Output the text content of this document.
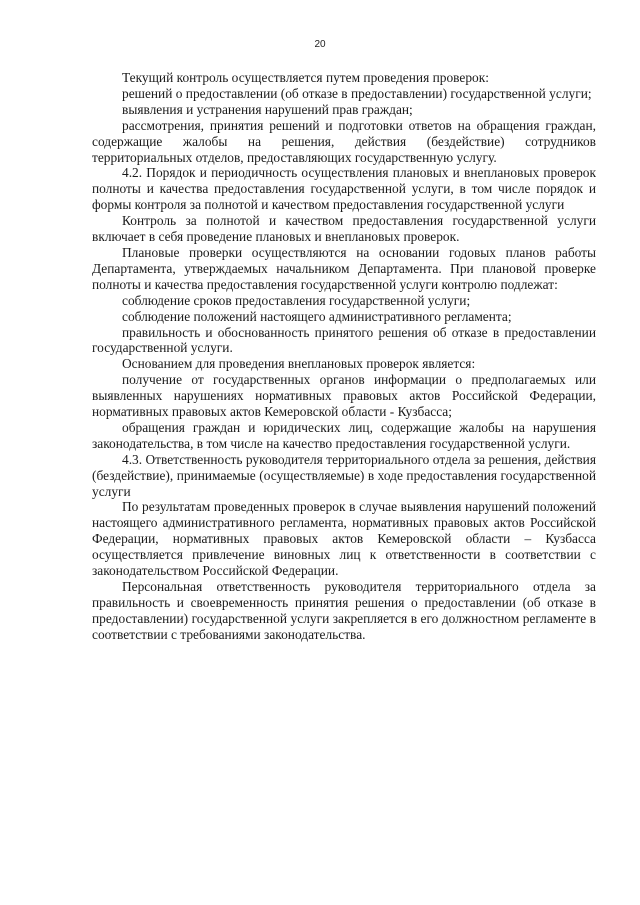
20

Текущий контроль осуществляется путем проведения проверок:

решений о предоставлении (об отказе в предоставлении) государственной услуги;

выявления и устранения нарушений прав граждан;

рассмотрения, принятия решений и подготовки ответов на обращения граждан, содержащие жалобы на решения, действия (бездействие) сотрудников территориальных отделов, предоставляющих государственную услугу.

4.2. Порядок и периодичность осуществления плановых и внеплановых проверок полноты и качества предоставления государственной услуги, в том числе порядок и формы контроля за полнотой и качеством предоставления государственной услуги

Контроль за полнотой и качеством предоставления государственной услуги включает в себя проведение плановых и внеплановых проверок.

Плановые проверки осуществляются на основании годовых планов работы Департамента, утверждаемых начальником Департамента. При плановой проверке полноты и качества предоставления государственной услуги контролю подлежат:

соблюдение сроков предоставления государственной услуги;

соблюдение положений настоящего административного регламента;

правильность и обоснованность принятого решения об отказе в предоставлении государственной услуги.

Основанием для проведения внеплановых проверок является:

получение от государственных органов информации о предполагаемых или выявленных нарушениях нормативных правовых актов Российской Федерации, нормативных правовых актов Кемеровской области - Кузбасса;

обращения граждан и юридических лиц, содержащие жалобы на нарушения законодательства, в том числе на качество предоставления государственной услуги.

4.3. Ответственность руководителя территориального отдела за решения, действия (бездействие), принимаемые (осуществляемые) в ходе предоставления государственной услуги

По результатам проведенных проверок в случае выявления нарушений положений настоящего административного регламента, нормативных правовых актов Российской Федерации, нормативных правовых актов Кемеровской области – Кузбасса осуществляется привлечение виновных лиц к ответственности в соответствии с законодательством Российской Федерации.

Персональная ответственность руководителя территориального отдела за правильность и своевременность принятия решения о предоставлении (об отказе в предоставлении) государственной услуги закрепляется в его должностном регламенте в соответствии с требованиями законодательства.
